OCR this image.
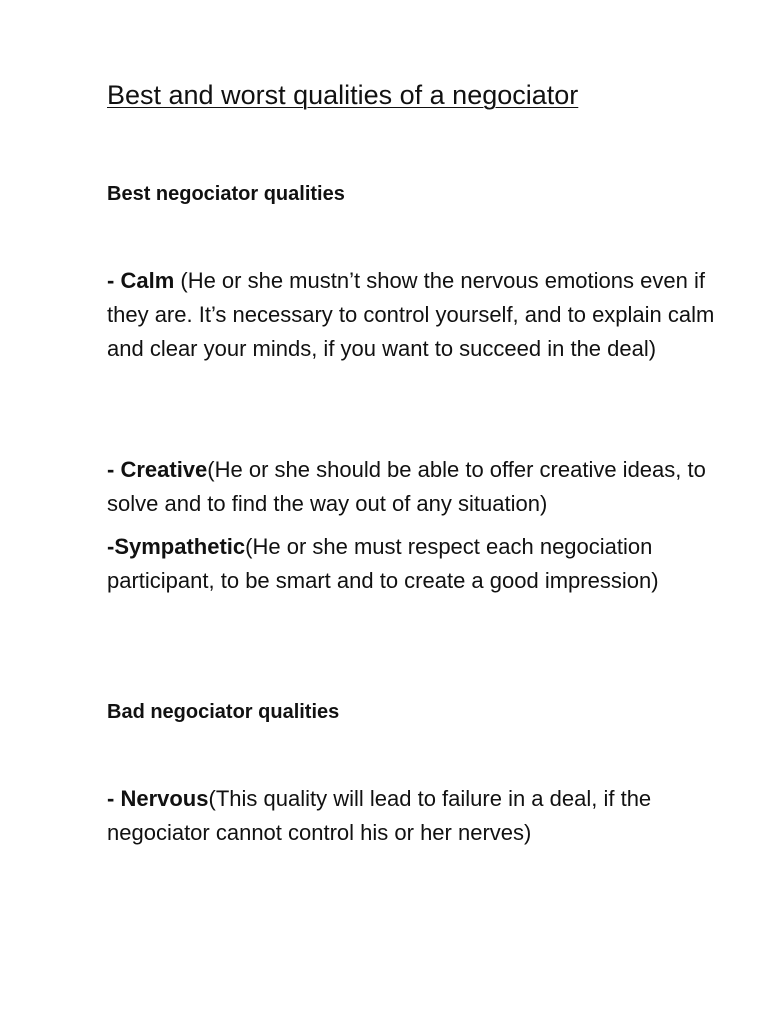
Best and worst qualities of a negociator
Best negociator qualities

- Calm (He or she mustn’t show the nervous emotions even if they are. It’s necessary to control yourself, and to explain calm and clear your minds, if you want to succeed in the deal)

- Creative(He or she should be able to offer creative ideas, to solve and to find the way out of any situation)

-Sympathetic(He or she must respect each negociation participant, to be smart and to create a good impression)

Bad negociator qualities

- Nervous(This quality will lead to failure in a deal, if the negociator cannot control his or her nerves)
